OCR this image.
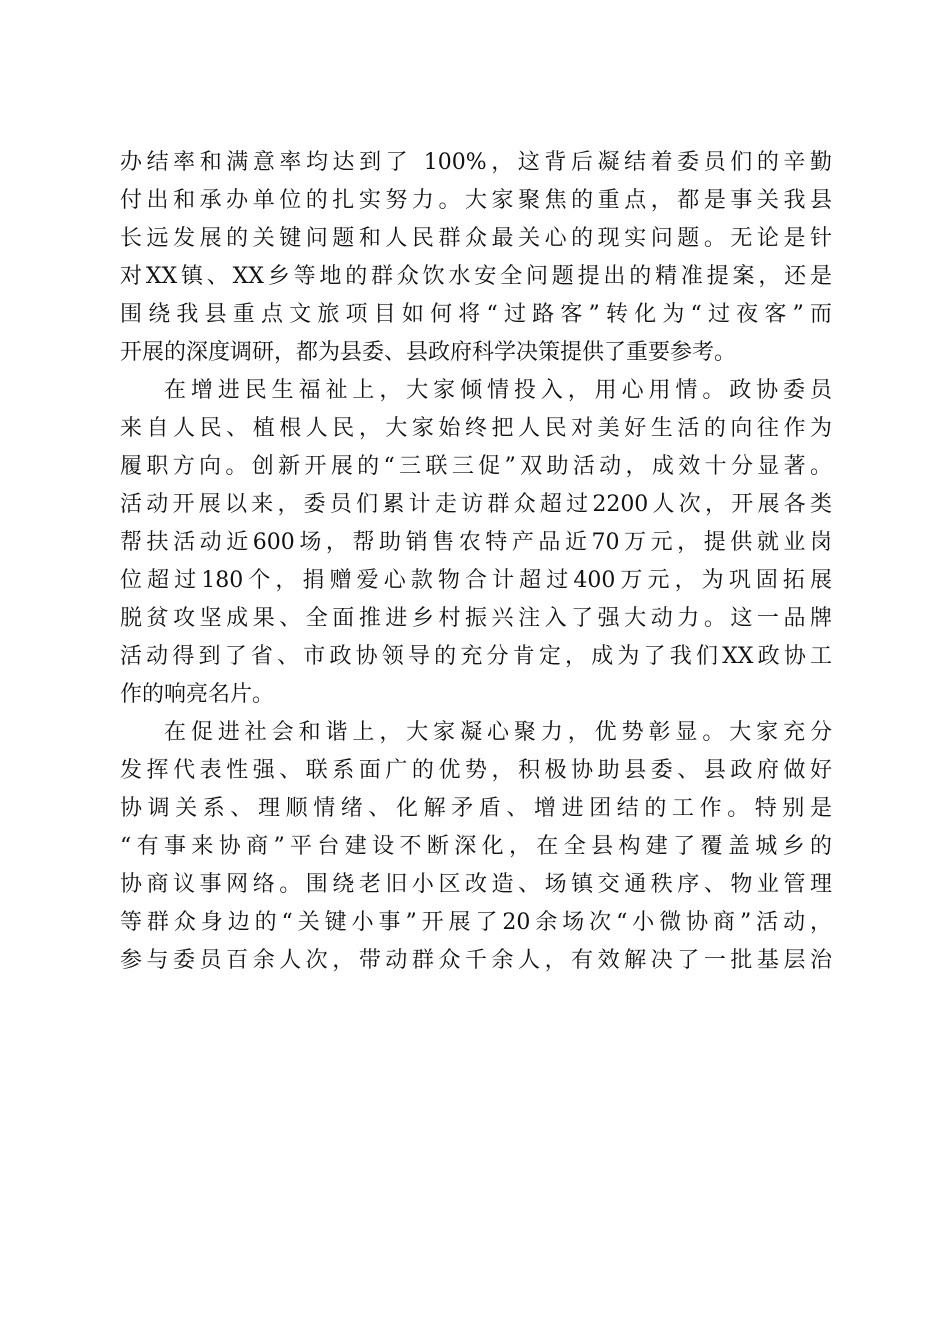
办结率和满意率均达到了 100%，这背后凝结着委员们的辛勤
付出和承办单位的扎实努力。大家聚焦的重点，都是事关我县
长远发展的关键问题和人民群众最关心的现实问题。无论是针
对XX镇、XX乡等地的群众饮水安全问题提出的精准提案，还是
围绕我县重点文旅项目如何将“过路客”转化为“过夜客”而
开展的深度调研，都为县委、县政府科学决策提供了重要参考。
在增进民生福祉上，大家倾情投入，用心用情。政协委员
来自人民、植根人民，大家始终把人民对美好生活的向往作为
履职方向。创新开展的“三联三促”双助活动，成效十分显著。
活动开展以来，委员们累计走访群众超过2200人次，开展各类
帮扶活动近600场，帮助销售农特产品近70万元，提供就业岗
位超过180个，捐赠爱心款物合计超过400万元，为巩固拓展
脱贫攻坚成果、全面推进乡村振兴注入了强大动力。这一品牌
活动得到了省、市政协领导的充分肯定，成为了我们XX政协工
作的响亮名片。
在促进社会和谐上，大家凝心聚力，优势彰显。大家充分
发挥代表性强、联系面广的优势，积极协助县委、县政府做好
协调关系、理顺情绪、化解矛盾、增进团结的工作。特别是
“有事来协商”平台建设不断深化，在全县构建了覆盖城乡的
协商议事网络。围绕老旧小区改造、场镇交通秩序、物业管理
等群众身边的“关键小事”开展了20余场次“小微协商”活动，
参与委员百余人次，带动群众千余人，有效解决了一批基层治
